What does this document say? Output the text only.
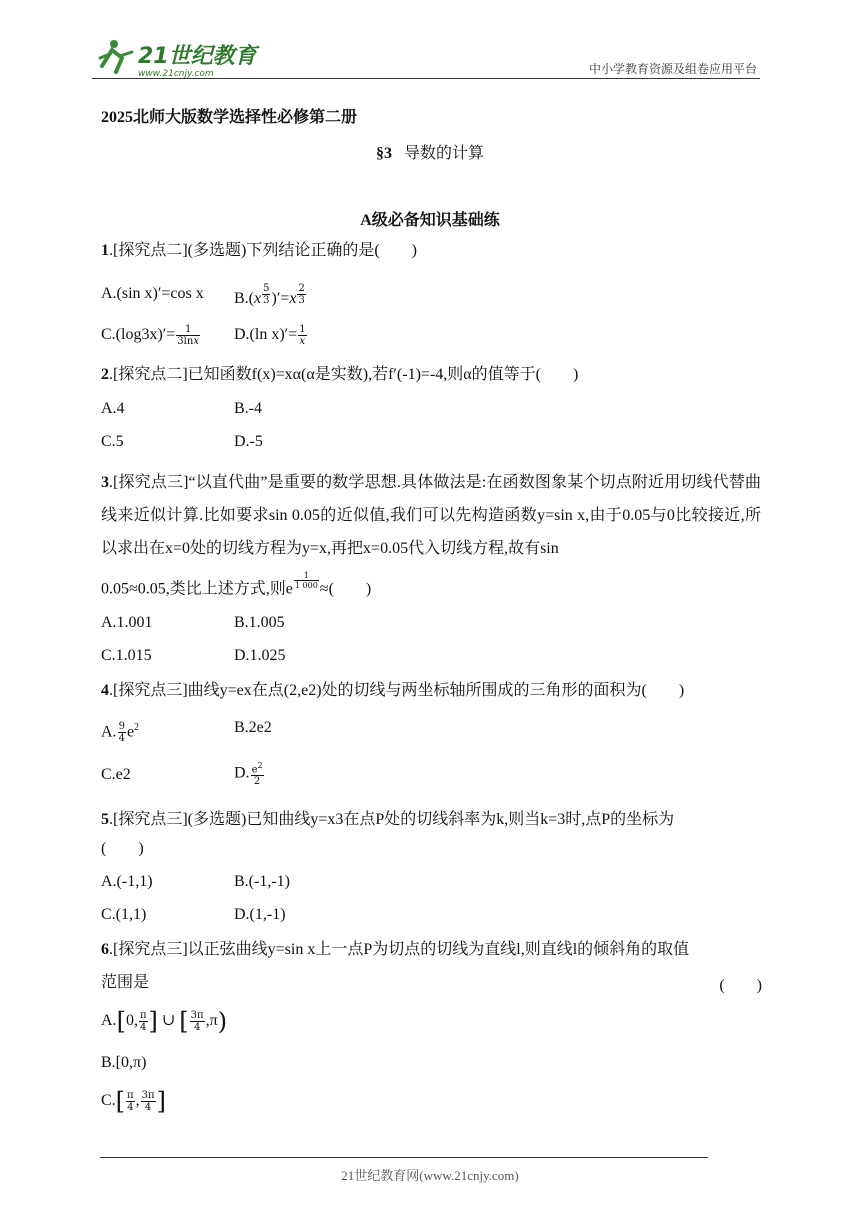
21世纪教育
www.21cnjy.com	中小学教育资源及组卷应用平台
2025北师大版数学选择性必修第二册
§3 导数的计算
A级必备知识基础练
1.[探究点二](多选题)下列结论正确的是(　　)
A.(sin x)′=cos x B.(x $^{\frac{5}{3}}$ )′=x $^{\frac{2}{3}}$
$C.(\log 3x)'= \frac{1}{3\ln x} D.(\ln$ $x)'= \frac{1}{x}$
2.[探究点二]已知函数f(x)=xα(α是实数),若f′(-1)=-4,则α的值等于(　　)
A.4	B.-4
C.5	D.-5
3.[探究点三]“以直代曲”是重要的数学思想.具体做法是:在函数图象某个切点附近用切线代替曲线来近似计算.比如要求sin 0.05的近似值,我们可以先构造函数y=sin x,由于0.05与0比较接近,所以求出在x=0处的切线方程为y=x,再把x=0.05代入切线方程,故有sin
0.05≈0.05,类比上述方式,则e $^{\frac{1}{1 000}}$ ≈(　　)
A.1.001	B.1.005
C.1.015	D.1.025
4.[探究点三]曲线y=ex在点(2,e2)处的切线与两坐标轴所围成的三角形的面积为(　　)
A. $\frac{9}{4} e^2$	B.2e2
C.e2	D. $\frac{e^2}{2}$
5.[探究点三](多选题)已知曲线y=x3在点P处的切线斜率为k,则当k=3时,点P的坐标为
(　　)
A.(-1,1)	B.(-1,-1)
C.(1,1)	D.(1,-1)
6.[探究点三]以正弦曲线y=sin x上一点P为切点的切线为直线l,则直线l的倾斜角的取值
范围是	(　　)
A.[0, $\frac{\pi}{4}$ ] ∪ [ $\frac{3\pi}{4} ,\pi$)
B.[0,π)
$C.[ \frac{\pi}{4}$ , $\frac{3\pi}{4}$ ]
21世纪教育网(www.21cnjy.com)
